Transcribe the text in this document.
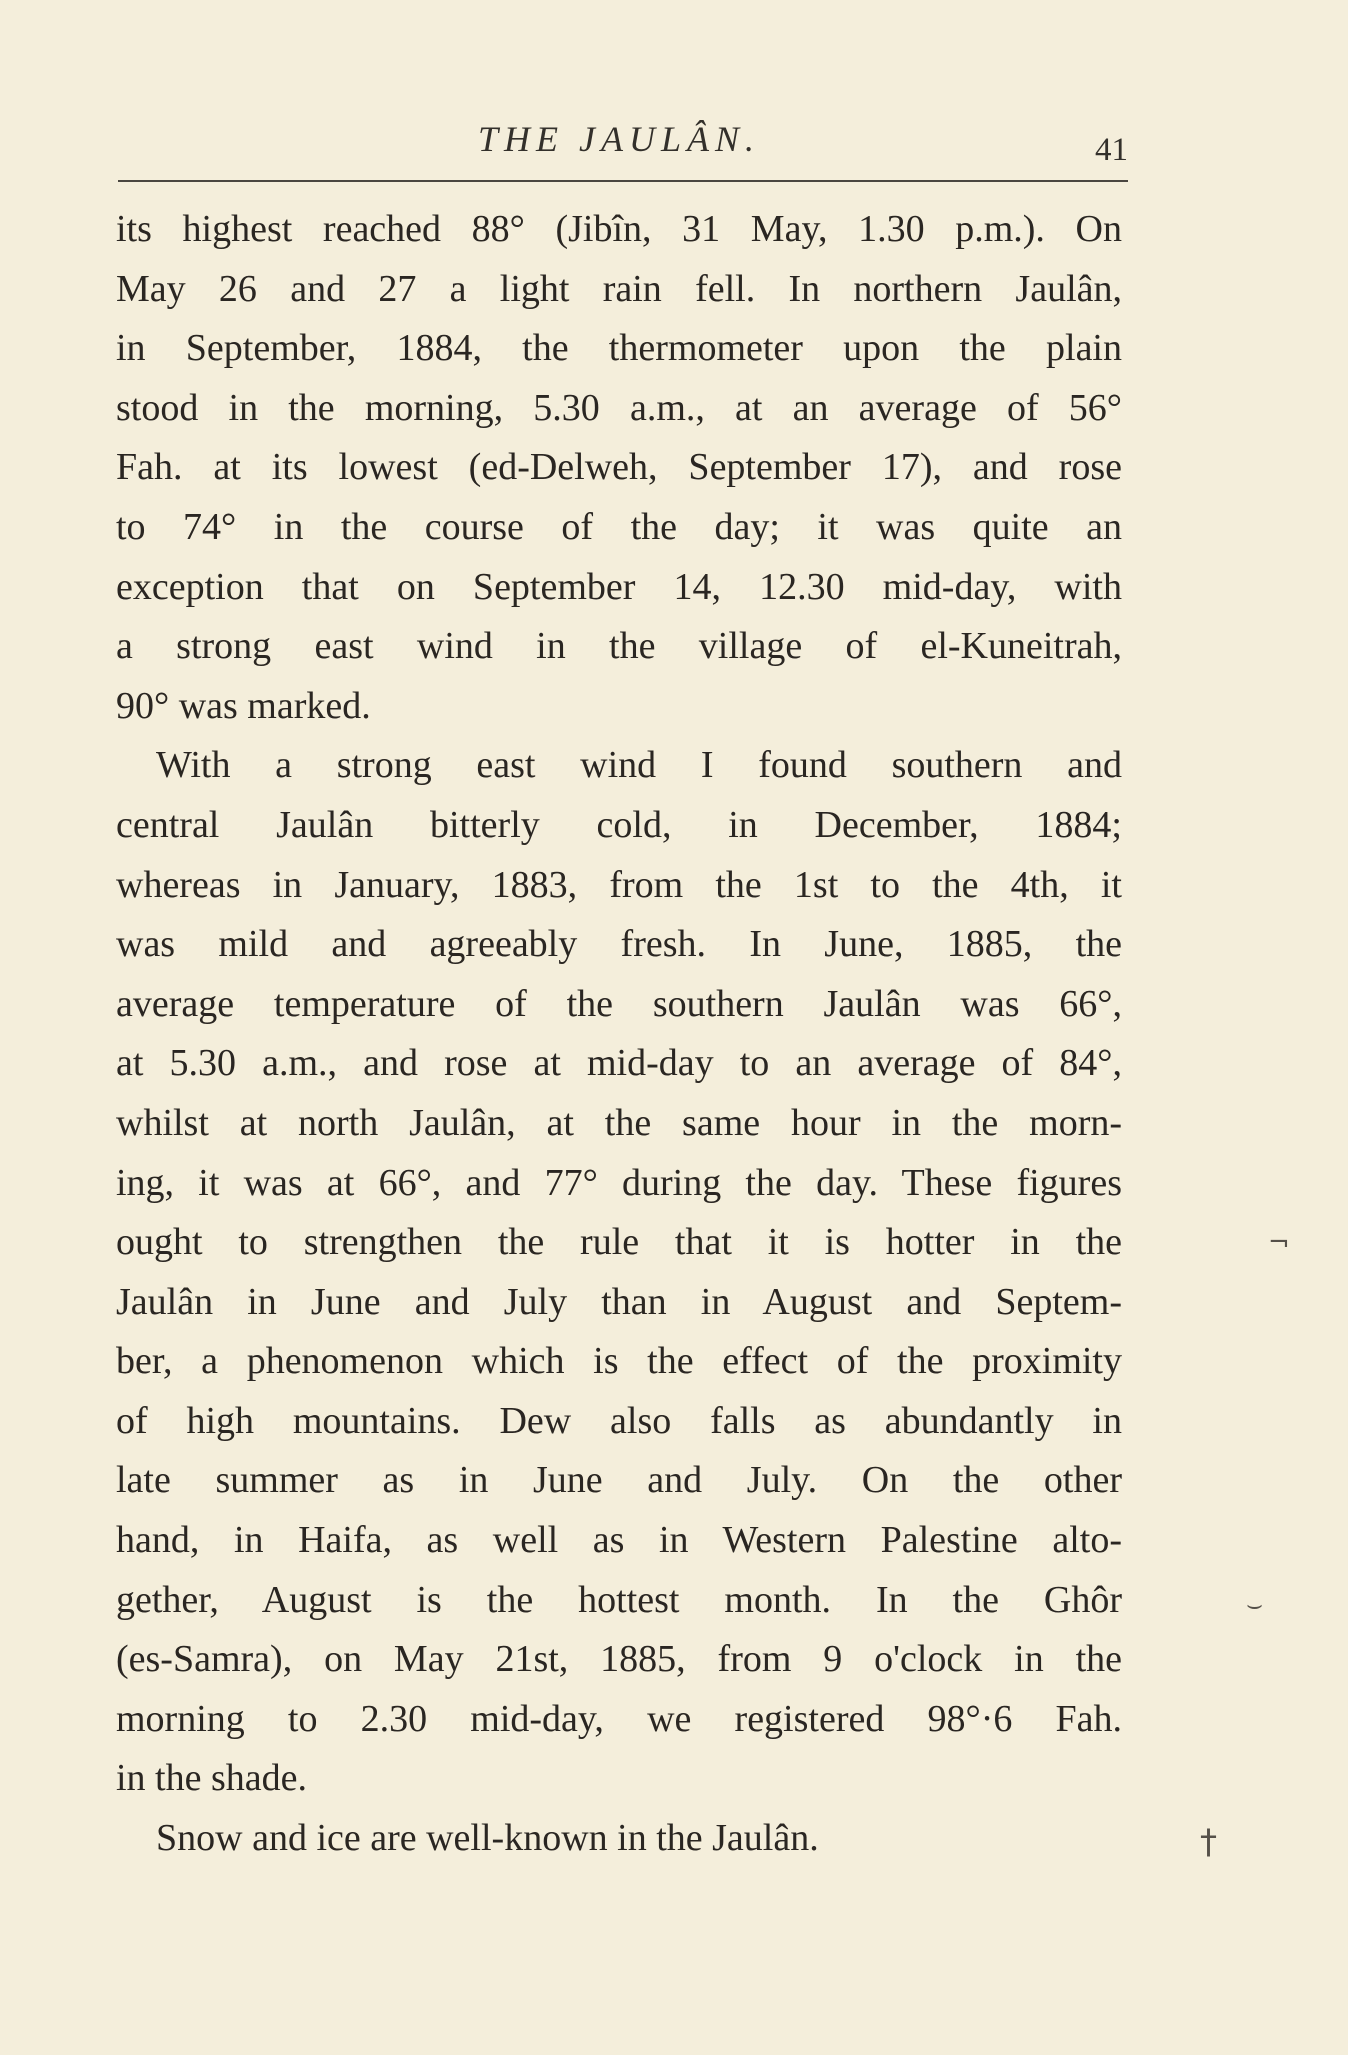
THE JAULÂN.	41
its highest reached 88° (Jibîn, 31 May, 1.30 p.m.). On
May 26 and 27 a light rain fell. In northern Jaulân,
in September, 1884, the thermometer upon the plain
stood in the morning, 5.30 a.m., at an average of 56°
Fah. at its lowest (ed-Delweh, September 17), and rose
to 74° in the course of the day; it was quite an
exception that on September 14, 12.30 mid-day, with
a strong east wind in the village of el-Kuneitrah,
90° was marked.
With a strong east wind I found southern and
central Jaulân bitterly cold, in December, 1884;
whereas in January, 1883, from the 1st to the 4th, it
was mild and agreeably fresh. In June, 1885, the
average temperature of the southern Jaulân was 66°,
at 5.30 a.m., and rose at mid-day to an average of 84°,
whilst at north Jaulân, at the same hour in the morn-
ing, it was at 66°, and 77° during the day. These figures
ought to strengthen the rule that it is hotter in the
Jaulân in June and July than in August and Septem-
ber, a phenomenon which is the effect of the proximity
of high mountains. Dew also falls as abundantly in
late summer as in June and July. On the other
hand, in Haifa, as well as in Western Palestine alto-
gether, August is the hottest month. In the Ghôr
(es-Samra), on May 21st, 1885, from 9 o'clock in the
morning to 2.30 mid-day, we registered 98°·6 Fah.
in the shade.
Snow and ice are well-known in the Jaulân.
¬
⌣
†
